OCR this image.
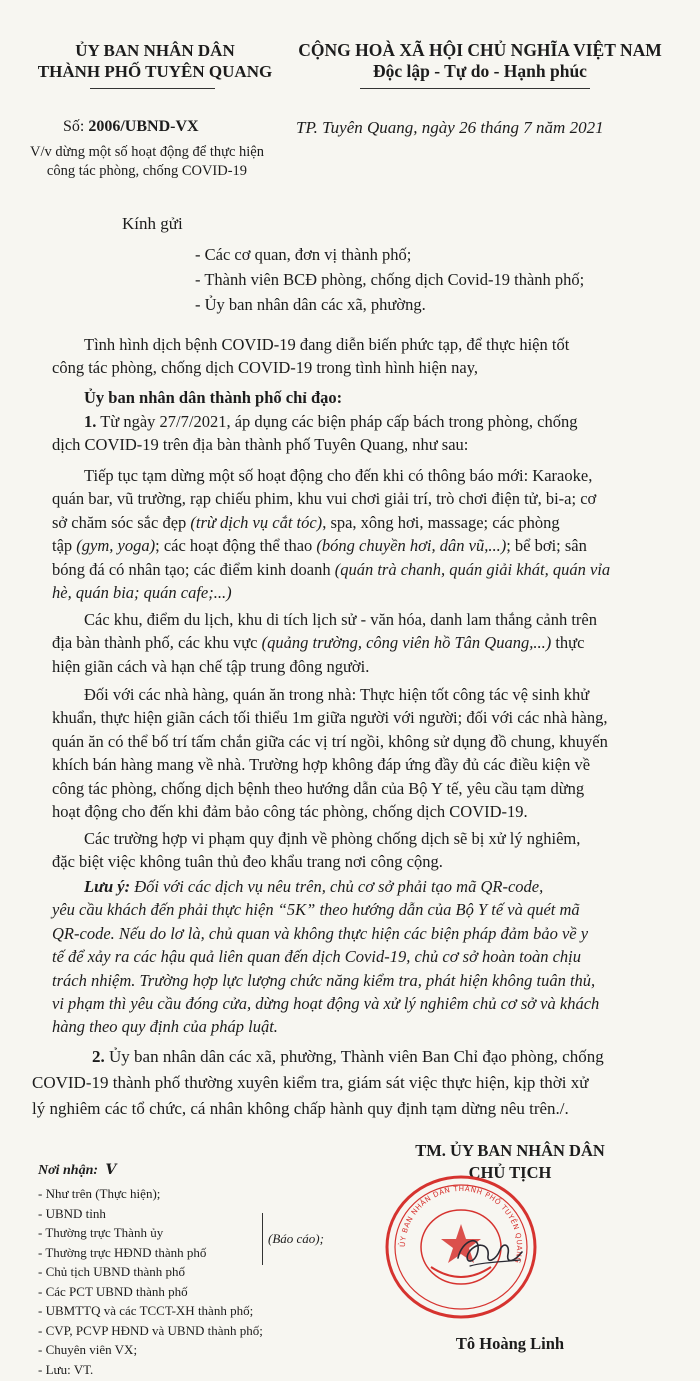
ỦY BAN NHÂN DÂN
THÀNH PHỐ TUYÊN QUANG
CỘNG HOÀ XÃ HỘI CHỦ NGHĨA VIỆT NAM
Độc lập - Tự do - Hạnh phúc
Số: 2006/UBND-VX	TP. Tuyên Quang, ngày 26 tháng 7 năm 2021
V/v dừng một số hoạt động để thực hiện
công tác phòng, chống COVID-19
Kính gửi
- Các cơ quan, đơn vị thành phố;
- Thành viên BCĐ phòng, chống dịch Covid-19 thành phố;
- Ủy ban nhân dân các xã, phường.
Tình hình dịch bệnh COVID-19 đang diễn biến phức tạp, để thực hiện tốt
công tác phòng, chống dịch COVID-19 trong tình hình hiện nay,
Ủy ban nhân dân thành phố chỉ đạo:
1. Từ ngày 27/7/2021, áp dụng các biện pháp cấp bách trong phòng, chống
dịch COVID-19 trên địa bàn thành phố Tuyên Quang, như sau:
Tiếp tục tạm dừng một số hoạt động cho đến khi có thông báo mới: Karaoke,
quán bar, vũ trường, rạp chiếu phim, khu vui chơi giải trí, trò chơi điện tử, bi-a; cơ
sở chăm sóc sắc đẹp (trừ dịch vụ cắt tóc), spa, xông hơi, massage; các phòng
tập (gym, yoga); các hoạt động thể thao (bóng chuyền hơi, dân vũ,...); bể bơi; sân
bóng đá có nhân tạo; các điểm kinh doanh (quán trà chanh, quán giải khát, quán vỉa
hè, quán bia; quán cafe;...)
Các khu, điểm du lịch, khu di tích lịch sử - văn hóa, danh lam thắng cảnh trên
địa bàn thành phố, các khu vực (quảng trường, công viên hồ Tân Quang,...) thực
hiện giãn cách và hạn chế tập trung đông người.
Đối với các nhà hàng, quán ăn trong nhà: Thực hiện tốt công tác vệ sinh khử
khuẩn, thực hiện giãn cách tối thiểu 1m giữa người với người; đối với các nhà hàng,
quán ăn có thể bố trí tấm chắn giữa các vị trí ngồi, không sử dụng đồ chung, khuyến
khích bán hàng mang về nhà. Trường hợp không đáp ứng đầy đủ các điều kiện về
công tác phòng, chống dịch bệnh theo hướng dẫn của Bộ Y tế, yêu cầu tạm dừng
hoạt động cho đến khi đảm bảo công tác phòng, chống dịch COVID-19.
Các trường hợp vi phạm quy định về phòng chống dịch sẽ bị xử lý nghiêm,
đặc biệt việc không tuân thủ đeo khẩu trang nơi công cộng.
Lưu ý: Đối với các dịch vụ nêu trên, chủ cơ sở phải tạo mã QR-code,
yêu cầu khách đến phải thực hiện “5K” theo hướng dẫn của Bộ Y tế và quét mã
QR-code. Nếu do lơ là, chủ quan và không thực hiện các biện pháp đảm bảo về y
tế để xảy ra các hậu quả liên quan đến dịch Covid-19, chủ cơ sở hoàn toàn chịu
trách nhiệm. Trường hợp lực lượng chức năng kiểm tra, phát hiện không tuân thủ,
vi phạm thì yêu cầu đóng cửa, dừng hoạt động và xử lý nghiêm chủ cơ sở và khách
hàng theo quy định của pháp luật.
2. Ủy ban nhân dân các xã, phường, Thành viên Ban Chỉ đạo phòng, chống
COVID-19 thành phố thường xuyên kiểm tra, giám sát việc thực hiện, kịp thời xử
lý nghiêm các tổ chức, cá nhân không chấp hành quy định tạm dừng nêu trên./.
Nơi nhận: V
- Như trên (Thực hiện);
- UBND tỉnh
- Thường trực Thành ủy
- Thường trực HĐND thành phố
- Chủ tịch UBND thành phố
- Các PCT UBND thành phố
- UBMTTQ và các TCCT-XH thành phố;
- CVP, PCVP HĐND và UBND thành phố;
- Chuyên viên VX;
- Lưu: VT.
(Báo cáo);
TM. ỦY BAN NHÂN DÂN
CHỦ TỊCH
ỦY BAN NHÂN DÂN THÀNH PHỐ TUYÊN QUANG
Tô Hoàng Linh
